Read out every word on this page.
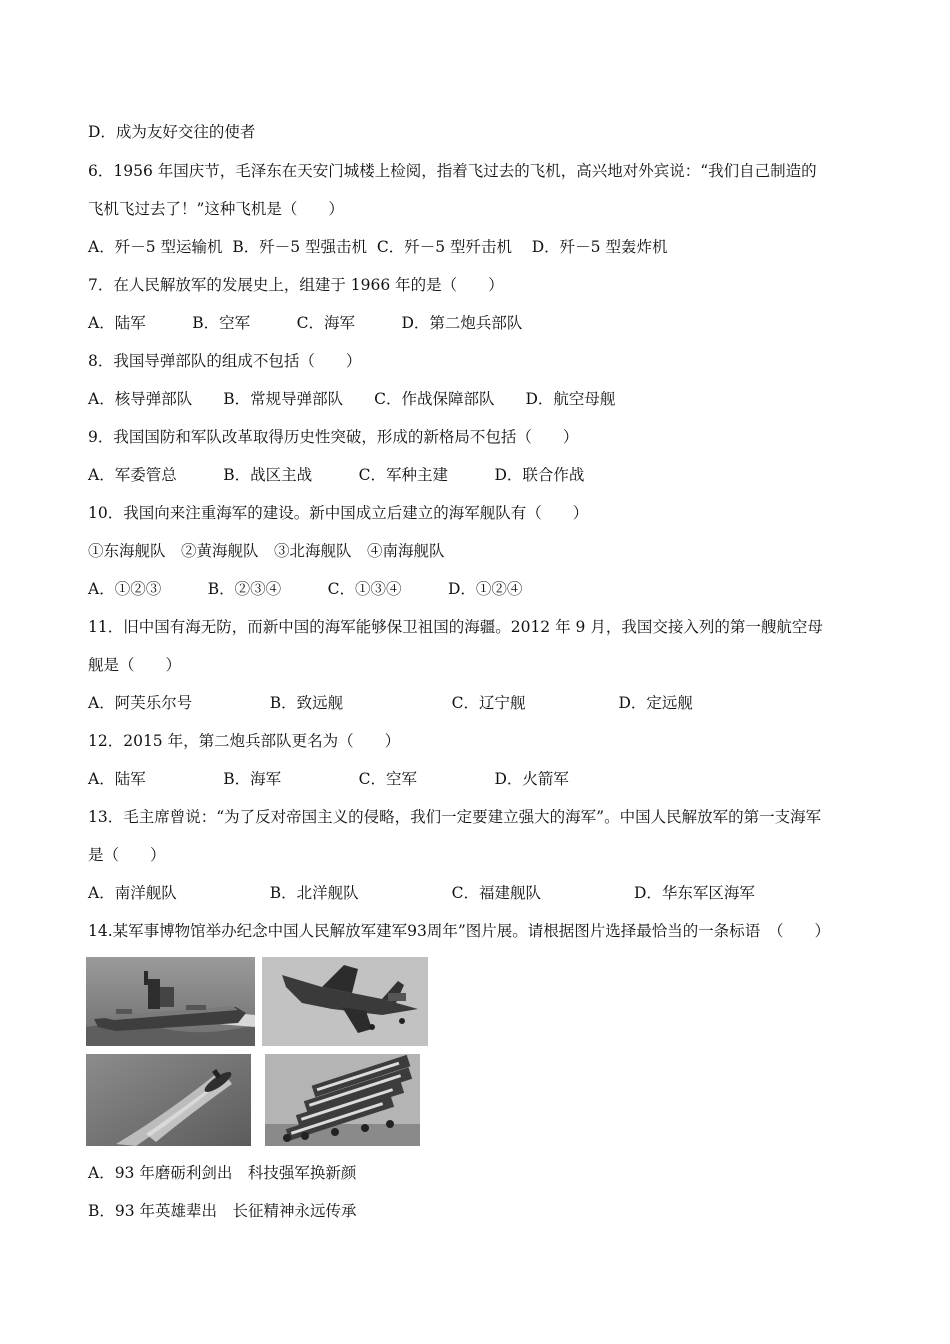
D．成为友好交往的使者
6．1956 年国庆节，毛泽东在天安门城楼上检阅，指着飞过去的飞机，高兴地对外宾说：“我们自己制造的
飞机飞过去了！”这种飞机是（　　）
A．歼－5 型运输机  B．歼－5 型强击机  C．歼－5 型歼击机    D．歼－5 型轰炸机
7．在人民解放军的发展史上，组建于 1966 年的是（　　）
A．陆军　　　B．空军　　　C．海军　　　D．第二炮兵部队
8．我国导弹部队的组成不包括（　　）
A．核导弹部队　　B．常规导弹部队　　C．作战保障部队　　D．航空母舰
9．我国国防和军队改革取得历史性突破，形成的新格局不包括（　　）
A．军委管总　　　B．战区主战　　　C．军种主建　　　D．联合作战
10．我国向来注重海军的建设。新中国成立后建立的海军舰队有（　　）
①东海舰队　②黄海舰队　③北海舰队　④南海舰队
A．①②③　　　B．②③④　　　C．①③④　　　D．①②④
11．旧中国有海无防，而新中国的海军能够保卫祖国的海疆。2012 年 9 月，我国交接入列的第一艘航空母
舰是（　　）
A．阿芙乐尔号　　　　　B．致远舰　　　　　　　C．辽宁舰　　　　　　D．定远舰
12．2015 年，第二炮兵部队更名为（　　）
A．陆军　　　　　B．海军　　　　　C．空军　　　　　D．火箭军
13．毛主席曾说：“为了反对帝国主义的侵略，我们一定要建立强大的海军”。中国人民解放军的第一支海军
是（　　）
A．南洋舰队　　　　　　B．北洋舰队　　　　　　C．福建舰队　　　　　　D．华东军区海军
14.某军事博物馆举办纪念中国人民解放军建军93周年”图片展。请根据图片选择最恰当的一条标语　（　　）
A．93 年磨砺利剑出　科技强军换新颜
B．93 年英雄辈出　长征精神永远传承
